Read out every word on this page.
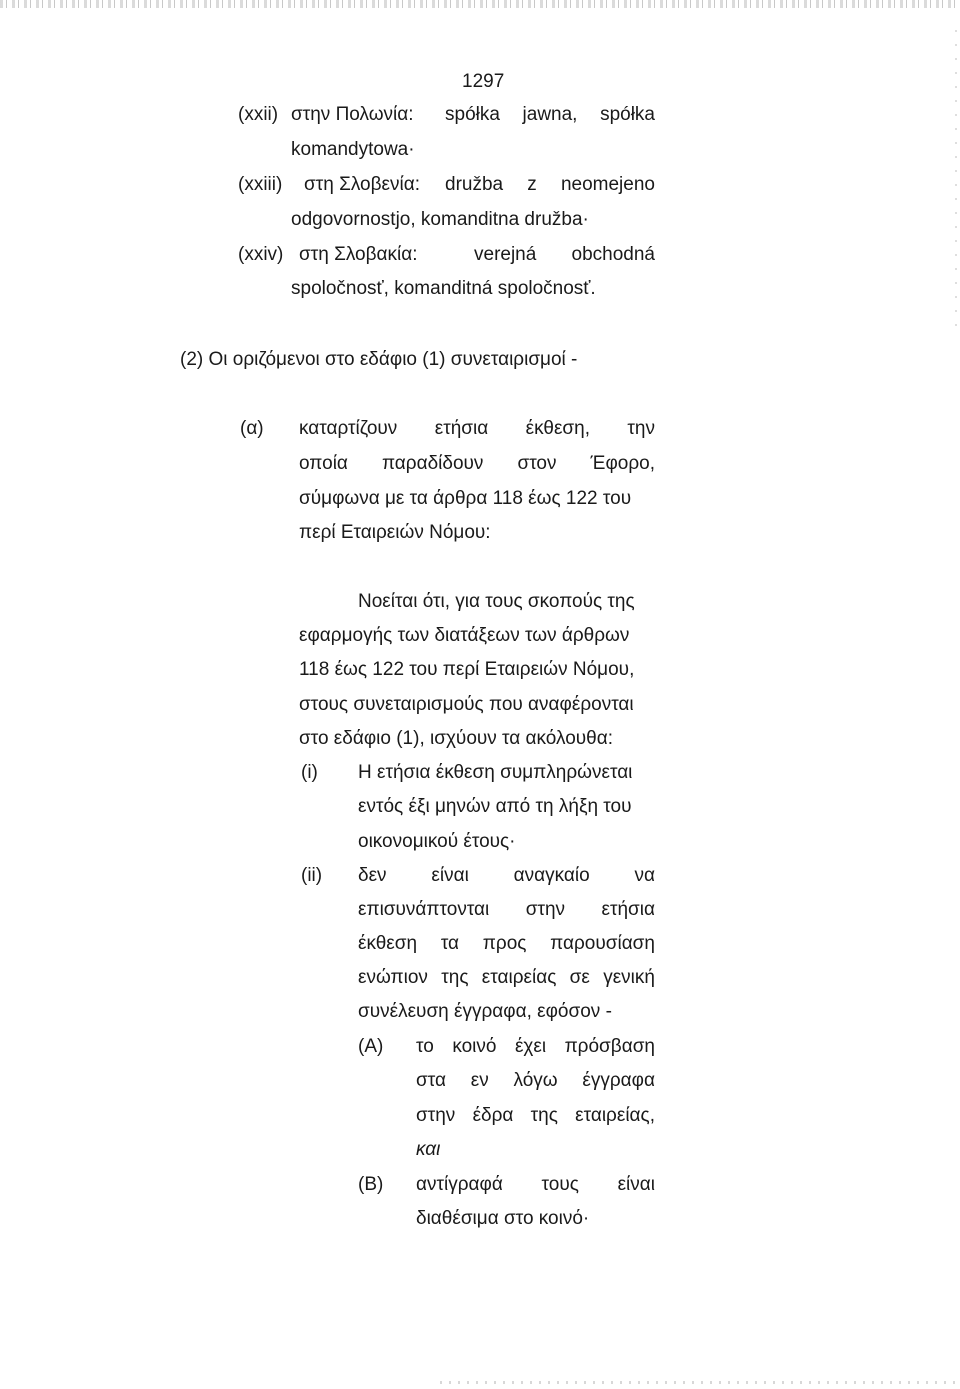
1297

(xxii) στην Πολωνία: spółka jawna, spółka

komandytowa·

(xxiii) στη Σλοβενία: družba z neomejeno

odgovornostjo, komanditna družba·

(xxiv) στη Σλοβακία:	verejná obchodná

spoločnosť, komanditná spoločnosť.

(2) Οι οριζόμενοι στο εδάφιο (1) συνεταιρισμοί -

(α) καταρτίζουν ετήσια έκθεση, την
οποία παραδίδουν στον Έφορο,

σύμφωνα με τα άρθρα 118 έως 122 του

περί Εταιρειών Νόμου:

Νοείται ότι, για τους σκοπούς της

εφαρμογής των διατάξεων των άρθρων

118 έως 122 του περί Εταιρειών Νόμου,

στους συνεταιρισμούς που αναφέρονται

στο εδάφιο (1), ισχύουν τα ακόλουθα:

(i) Η ετήσια έκθεση συμπληρώνεται

εντός έξι μηνών από τη λήξη του

οικονομικού έτους·

(ii) δεν είναι αναγκαίο να
επισυνάπτονται στην ετήσια
έκθεση τα προς παρουσίαση
ενώπιον της εταιρείας σε γενική

συνέλευση έγγραφα, εφόσον -

(A) το κοινό έχει πρόσβαση
στα εν λόγω έγγραφα
στην έδρα της εταιρείας,

και

(B) αντίγραφά τους είναι

διαθέσιμα στο κοινό·
